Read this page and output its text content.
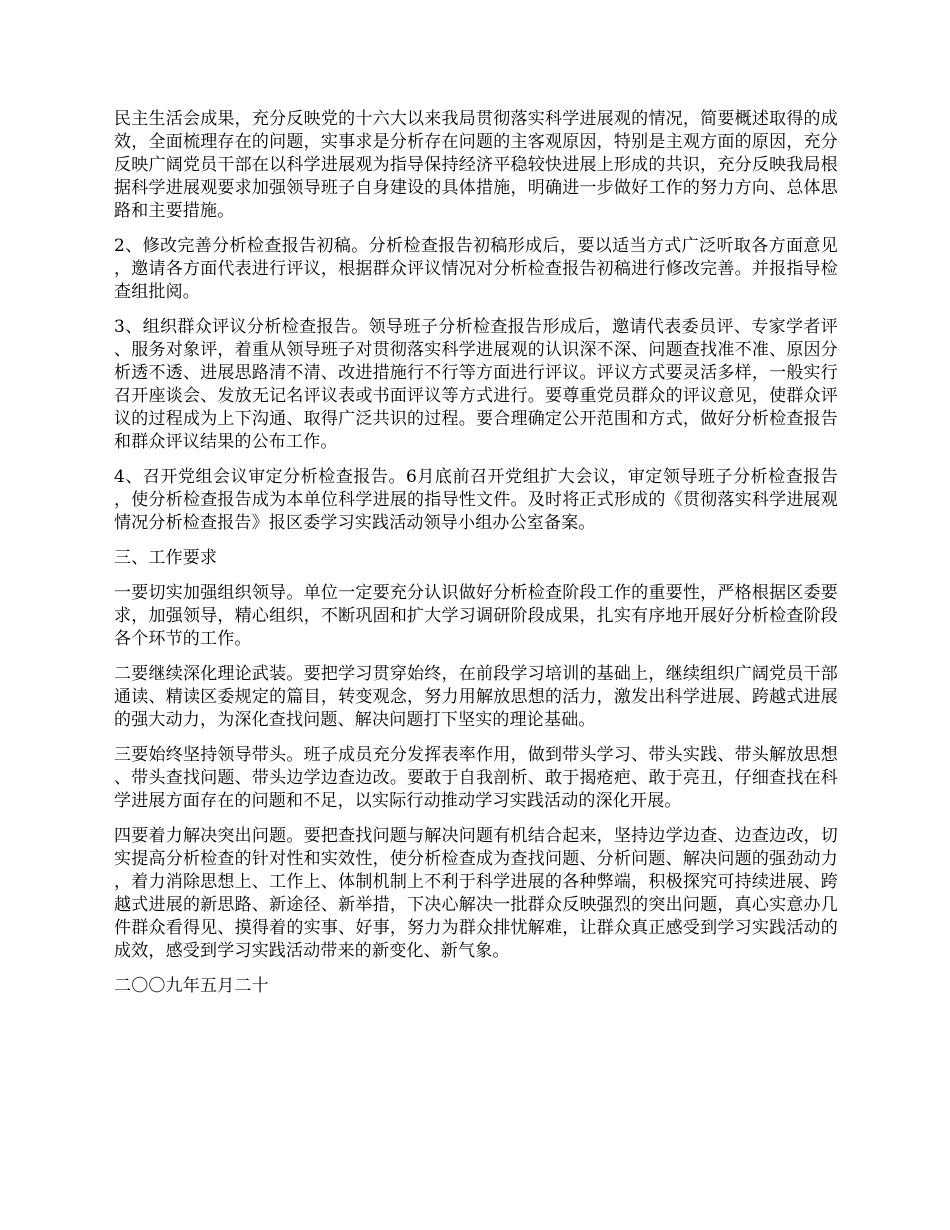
民主生活会成果，充分反映党的十六大以来我局贯彻落实科学进展观的情况，简要概述取得的成效，全面梳理存在的问题，实事求是分析存在问题的主客观原因，特别是主观方面的原因，充分反映广阔党员干部在以科学进展观为指导保持经济平稳较快进展上形成的共识，充分反映我局根据科学进展观要求加强领导班子自身建设的具体措施，明确进一步做好工作的努力方向、总体思路和主要措施。

2、修改完善分析检查报告初稿。分析检查报告初稿形成后，要以适当方式广泛听取各方面意见，邀请各方面代表进行评议，根据群众评议情况对分析检查报告初稿进行修改完善。并报指导检查组批阅。

3、组织群众评议分析检查报告。领导班子分析检查报告形成后，邀请代表委员评、专家学者评、服务对象评，着重从领导班子对贯彻落实科学进展观的认识深不深、问题查找准不准、原因分析透不透、进展思路清不清、改进措施行不行等方面进行评议。评议方式要灵活多样，一般实行召开座谈会、发放无记名评议表或书面评议等方式进行。要尊重党员群众的评议意见，使群众评议的过程成为上下沟通、取得广泛共识的过程。要合理确定公开范围和方式，做好分析检查报告和群众评议结果的公布工作。

4、召开党组会议审定分析检查报告。6月底前召开党组扩大会议，审定领导班子分析检查报告，使分析检查报告成为本单位科学进展的指导性文件。及时将正式形成的《贯彻落实科学进展观情况分析检查报告》报区委学习实践活动领导小组办公室备案。

三、工作要求

一要切实加强组织领导。单位一定要充分认识做好分析检查阶段工作的重要性，严格根据区委要求，加强领导，精心组织，不断巩固和扩大学习调研阶段成果，扎实有序地开展好分析检查阶段各个环节的工作。

二要继续深化理论武装。要把学习贯穿始终，在前段学习培训的基础上，继续组织广阔党员干部通读、精读区委规定的篇目，转变观念，努力用解放思想的活力，激发出科学进展、跨越式进展的强大动力，为深化查找问题、解决问题打下坚实的理论基础。

三要始终坚持领导带头。班子成员充分发挥表率作用，做到带头学习、带头实践、带头解放思想、带头查找问题、带头边学边查边改。要敢于自我剖析、敢于揭疮疤、敢于亮丑，仔细查找在科学进展方面存在的问题和不足，以实际行动推动学习实践活动的深化开展。

四要着力解决突出问题。要把查找问题与解决问题有机结合起来，坚持边学边查、边查边改，切实提高分析检查的针对性和实效性，使分析检查成为查找问题、分析问题、解决问题的强劲动力，着力消除思想上、工作上、体制机制上不利于科学进展的各种弊端，积极探究可持续进展、跨越式进展的新思路、新途径、新举措，下决心解决一批群众反映强烈的突出问题，真心实意办几件群众看得见、摸得着的实事、好事，努力为群众排忧解难，让群众真正感受到学习实践活动的成效，感受到学习实践活动带来的新变化、新气象。

二〇〇九年五月二十
